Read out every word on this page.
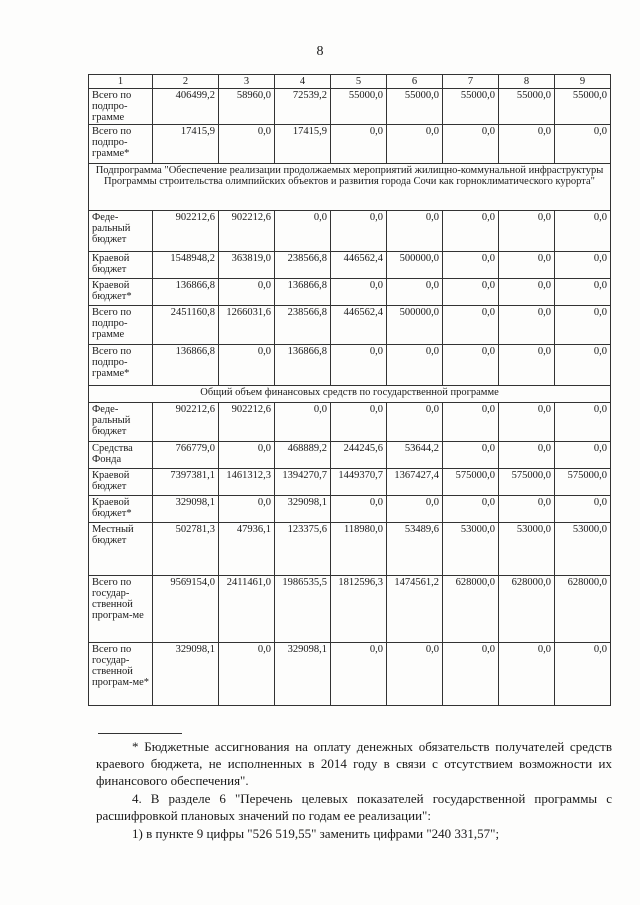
8
1	2	3	4	5	6	7	8	9
Всего по подпро-грамме	406499,2	58960,0	72539,2	55000,0	55000,0	55000,0	55000,0	55000,0
Всего по подпро-грамме*	17415,9	0,0	17415,9	0,0	0,0	0,0	0,0	0,0
Подпрограмма "Обеспечение реализации продолжаемых мероприятий жилищно-коммунальной инфраструктуры Программы строительства олимпийских объектов и развития города Сочи как горноклиматического курорта"								
Феде-ральный бюджет	902212,6	902212,6	0,0	0,0	0,0	0,0	0,0	0,0
Краевой бюджет	1548948,2	363819,0	238566,8	446562,4	500000,0	0,0	0,0	0,0
Краевой бюджет*	136866,8	0,0	136866,8	0,0	0,0	0,0	0,0	0,0
Всего по подпро-грамме	2451160,8	1266031,6	238566,8	446562,4	500000,0	0,0	0,0	0,0
Всего по подпро-грамме*	136866,8	0,0	136866,8	0,0	0,0	0,0	0,0	0,0
Общий объем финансовых средств по государственной программе								
Феде-ральный бюджет	902212,6	902212,6	0,0	0,0	0,0	0,0	0,0	0,0
Средства Фонда	766779,0	0,0	468889,2	244245,6	53644,2	0,0	0,0	0,0
Краевой бюджет	7397381,1	1461312,3	1394270,7	1449370,7	1367427,4	575000,0	575000,0	575000,0
Краевой бюджет*	329098,1	0,0	329098,1	0,0	0,0	0,0	0,0	0,0
Местный бюджет	502781,3	47936,1	123375,6	118980,0	53489,6	53000,0	53000,0	53000,0
Всего по государ-ственной програм-ме	9569154,0	2411461,0	1986535,5	1812596,3	1474561,2	628000,0	628000,0	628000,0
Всего по государ-ственной програм-ме*	329098,1	0,0	329098,1	0,0	0,0	0,0	0,0	0,0
* Бюджетные ассигнования на оплату денежных обязательств получателей средств краевого бюджета, не исполненных в 2014 году в связи с отсутствием возможности их финансового обеспечения".
4. В разделе 6 "Перечень целевых показателей государственной программы с расшифровкой плановых значений по годам ее реализации":
1) в пункте 9 цифры "526 519,55" заменить цифрами "240 331,57";
